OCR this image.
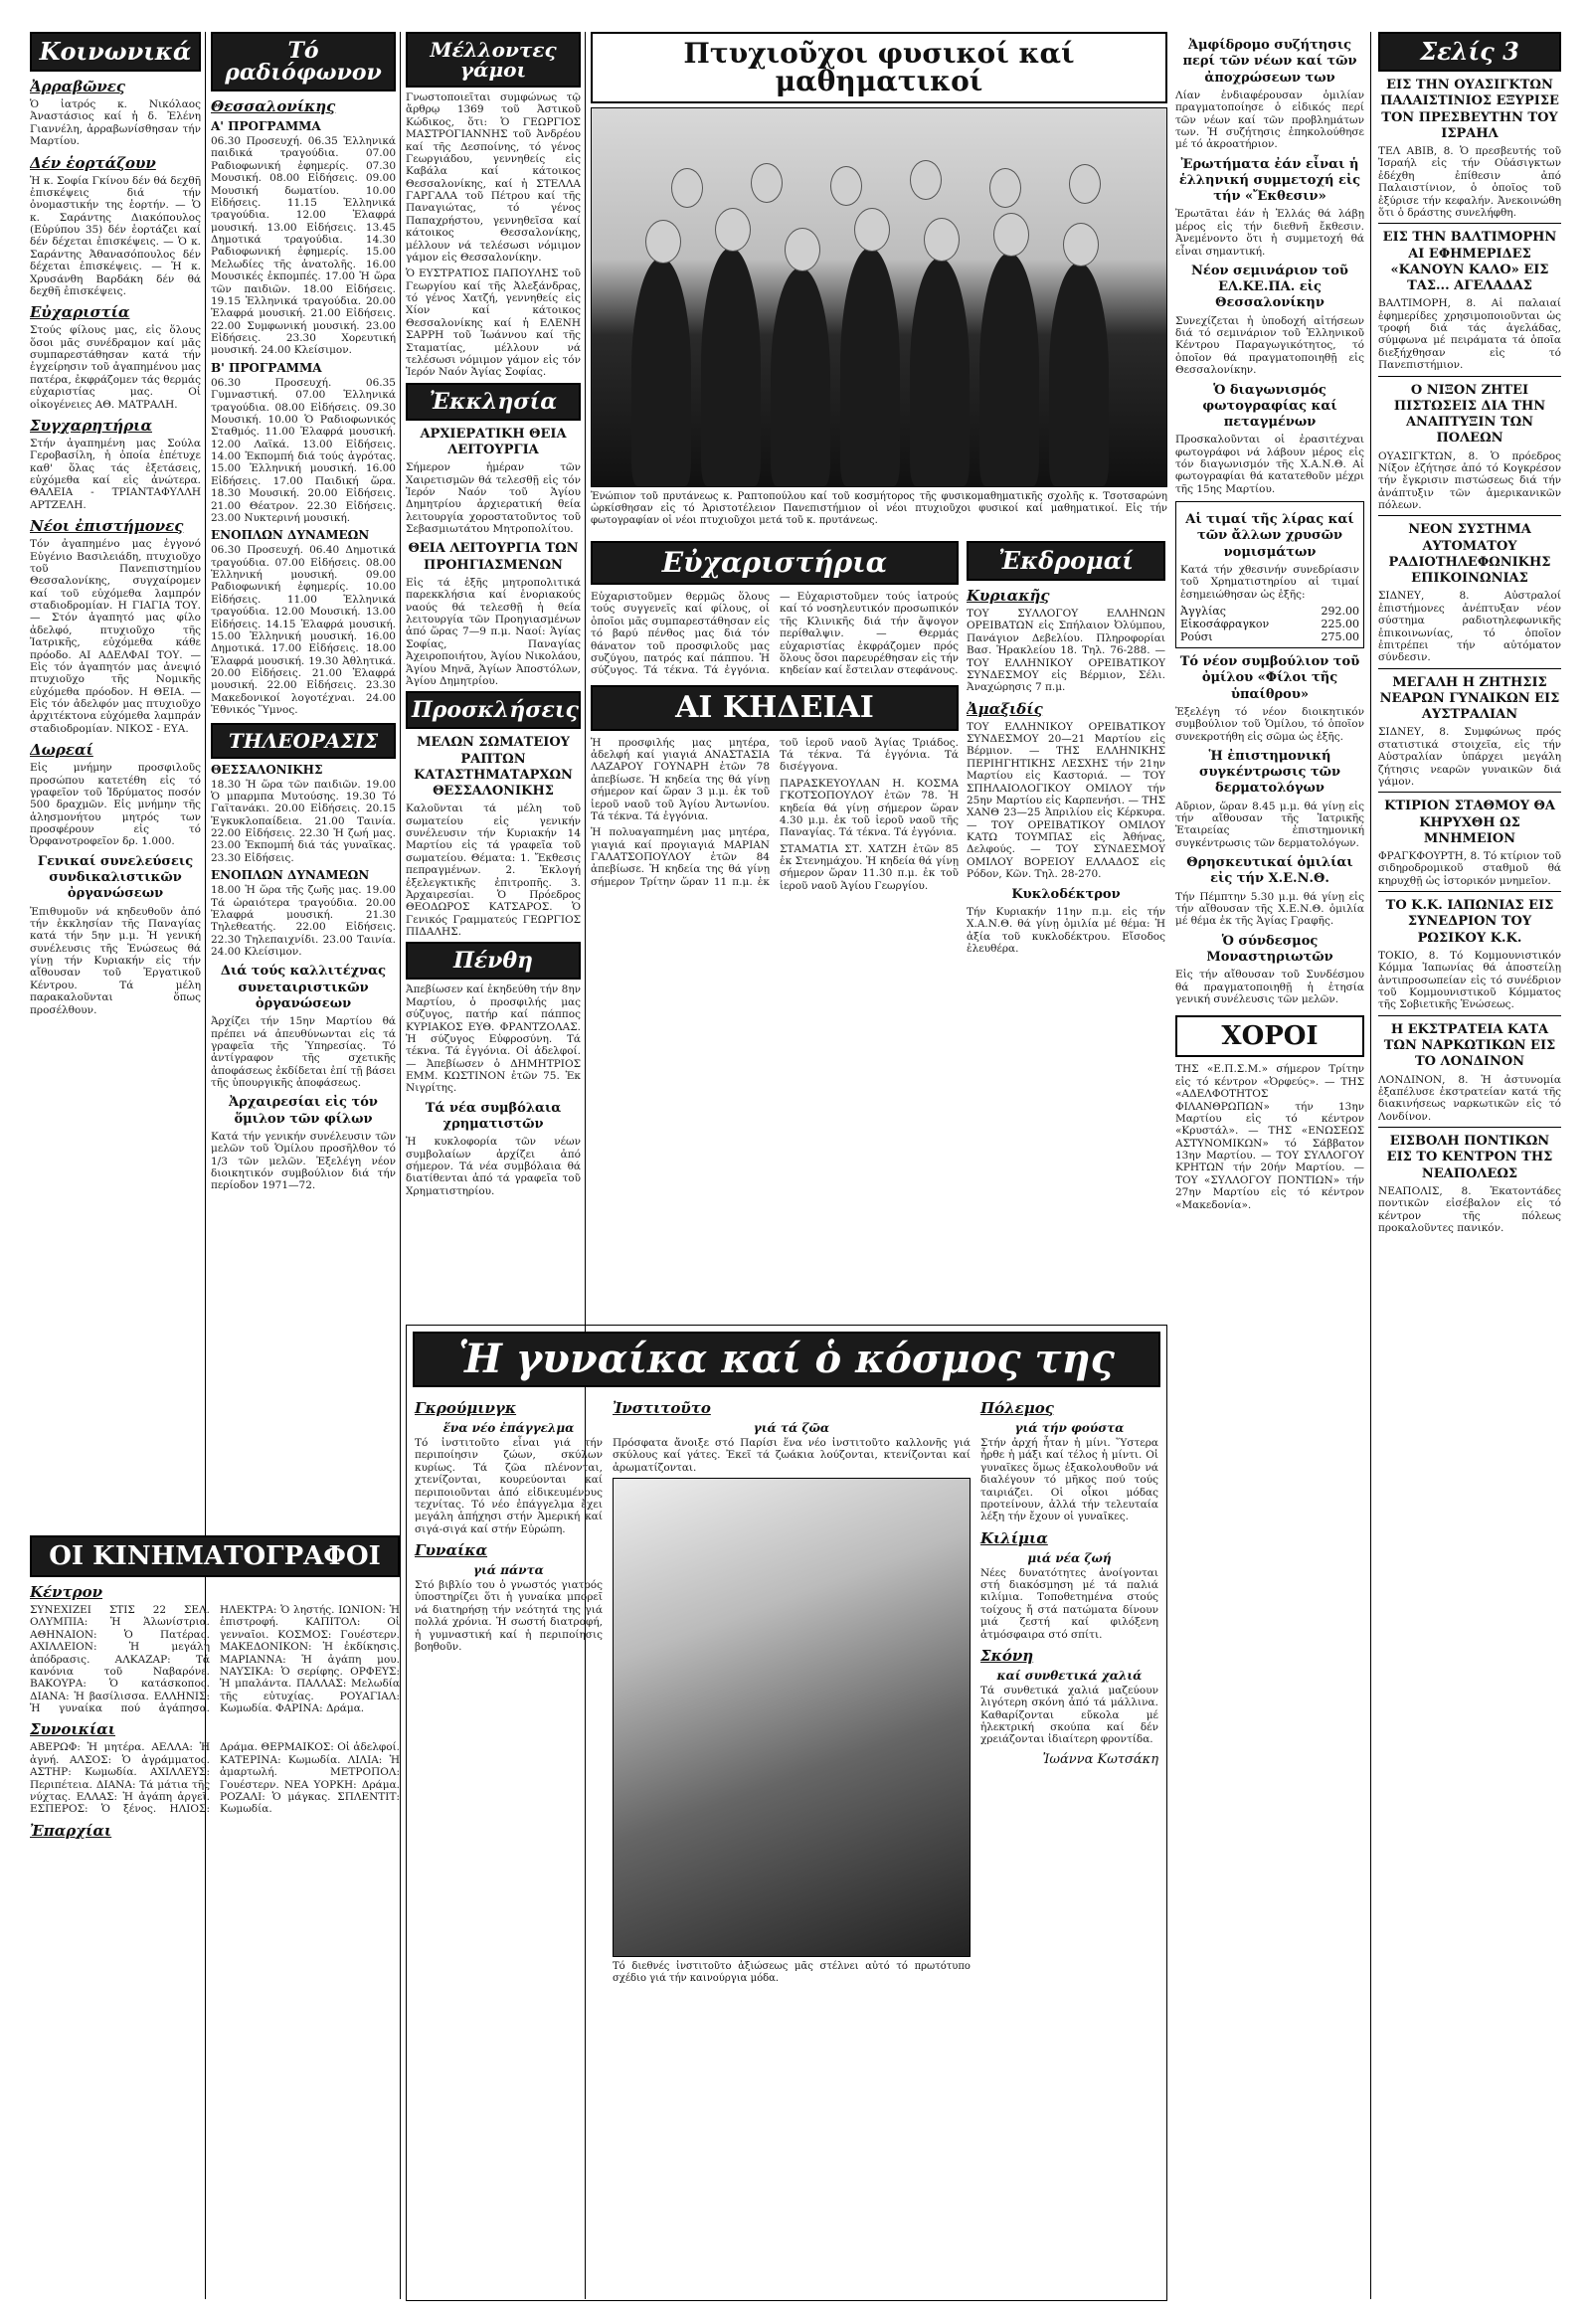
Κοινωνικά
Ἀρραβῶνες

Ὁ ἰατρός κ. Νικόλαος Ἀναστάσιος καί ἡ δ. Ἐλένη Γιαννέλη, ἀρραβωνίσθησαν τήν Μαρτίου.

Δέν ἑορτάζουν

Ἡ κ. Σοφία Γκίνου δέν θά δεχθῆ ἐπισκέψεις διά τήν ὀνομαστικήν της ἑορτήν. — Ὁ κ. Σαράντης Διακόπουλος (Εὐρύπου 35) δέν ἑορτάζει καί δέν δέχεται ἐπισκέψεις. — Ὁ κ. Σαράντης Ἀθανασόπουλος δέν δέχεται ἐπισκέψεις. — Ἡ κ. Χρυσάνθη Βαρδάκη δέν θά δεχθῆ ἐπισκέψεις.

Εὐχαριστία

Στούς φίλους μας, εἰς ὅλους ὅσοι μᾶς συνέδραμον καί μᾶς συμπαρεστάθησαν κατά τήν ἐγχείρησιν τοῦ ἀγαπημένου μας πατέρα, ἐκφράζομεν τάς θερμάς εὐχαριστίας μας. Οἱ οἰκογένειες ΑΘ. ΜΑΤΡΑΛΗ.

Συγχαρητήρια

Στήν ἀγαπημένη μας Σούλα Γεροβασίλη, ἡ ὁποία ἐπέτυχε καθ' ὅλας τάς ἐξετάσεις, εὐχόμεθα καί εἰς ἀνώτερα. ΘΑΛΕΙΑ - ΤΡΙΑΝΤΑΦΥΛΛΗ ΑΡΤΖΕΛΗ.

Νέοι ἐπιστήμονες

Τόν ἀγαπημένο μας ἐγγονό Εὐγένιο Βασιλειάδη, πτυχιοῦχο τοῦ Πανεπιστημίου Θεσσαλονίκης, συγχαίρομεν καί τοῦ εὐχόμεθα λαμπρόν σταδιοδρομίαν. Η ΓΙΑΓΙΑ ΤΟΥ. — Στόν ἀγαπητό μας φίλο ἀδελφό, πτυχιοῦχο τῆς Ἰατρικῆς, εὐχόμεθα κάθε πρόοδο. ΑΙ ΑΔΕΛΦΑΙ ΤΟΥ. — Εἰς τόν ἀγαπητόν μας ἀνεψιό πτυχιοῦχο τῆς Νομικῆς εὐχόμεθα πρόοδον. Η ΘΕΙΑ. — Εἰς τόν ἀδελφόν μας πτυχιοῦχο ἀρχιτέκτονα εὐχόμεθα λαμπράν σταδιοδρομίαν. ΝΙΚΟΣ - ΕΥΑ.

Δωρεαί

Εἰς μνήμην προσφιλοῦς προσώπου κατετέθη εἰς τό γραφεῖον τοῦ Ἱδρύματος ποσόν 500 δραχμῶν. Εἰς μνήμην τῆς ἀλησμονήτου μητρός των προσφέρουν εἰς τό Ὀρφανοτροφεῖον δρ. 1.000.

Γενικαί συνελεύσεις συνδικαλιστικῶν ὀργανώσεων

Ἐπιθυμοῦν νά κηδευθοῦν ἀπό τήν ἐκκλησίαν τῆς Παναγίας κατά τήν 5ην μ.μ. Ἡ γενική συνέλευσις τῆς Ἑνώσεως θά γίνῃ τήν Κυριακήν εἰς τήν αἴθουσαν τοῦ Ἐργατικοῦ Κέντρου. Τά μέλη παρακαλοῦνται ὅπως προσέλθουν.

Τό ραδιόφωνον
Θεσσαλονίκης
Α' ΠΡΟΓΡΑΜΜΑ

06.30 Προσευχή. 06.35 Ἑλληνικά παιδικά τραγούδια. 07.00 Ραδιοφωνική ἐφημερίς. 07.30 Μουσική. 08.00 Εἰδήσεις. 09.00 Μουσική δωματίου. 10.00 Εἰδήσεις. 11.15 Ἑλληνικά τραγούδια. 12.00 Ἐλαφρά μουσική. 13.00 Εἰδήσεις. 13.45 Δημοτικά τραγούδια. 14.30 Ραδιοφωνική ἐφημερίς. 15.00 Μελωδίες τῆς ἀνατολῆς. 16.00 Μουσικές ἐκπομπές. 17.00 Ἡ ὥρα τῶν παιδιῶν. 18.00 Εἰδήσεις. 19.15 Ἑλληνικά τραγούδια. 20.00 Ἐλαφρά μουσική. 21.00 Εἰδήσεις. 22.00 Συμφωνική μουσική. 23.00 Εἰδήσεις. 23.30 Χορευτική μουσική. 24.00 Κλείσιμον.

Β' ΠΡΟΓΡΑΜΜΑ

06.30 Προσευχή. 06.35 Γυμναστική. 07.00 Ἑλληνικά τραγούδια. 08.00 Εἰδήσεις. 09.30 Μουσική. 10.00 Ὁ Ραδιοφωνικός Σταθμός. 11.00 Ἐλαφρά μουσική. 12.00 Λαϊκά. 13.00 Εἰδήσεις. 14.00 Ἐκπομπή διά τούς ἀγρότας. 15.00 Ἑλληνική μουσική. 16.00 Εἰδήσεις. 17.00 Παιδική ὥρα. 18.30 Μουσική. 20.00 Εἰδήσεις. 21.00 Θέατρον. 22.30 Εἰδήσεις. 23.00 Νυκτερινή μουσική.

ΕΝΟΠΛΩΝ ΔΥΝΑΜΕΩΝ

06.30 Προσευχή. 06.40 Δημοτικά τραγούδια. 07.00 Εἰδήσεις. 08.00 Ἑλληνική μουσική. 09.00 Ραδιοφωνική ἐφημερίς. 10.00 Εἰδήσεις. 11.00 Ἑλληνικά τραγούδια. 12.00 Μουσική. 13.00 Εἰδήσεις. 14.15 Ἐλαφρά μουσική. 15.00 Ἑλληνική μουσική. 16.00 Δημοτικά. 17.00 Εἰδήσεις. 18.00 Ἐλαφρά μουσική. 19.30 Ἀθλητικά. 20.00 Εἰδήσεις. 21.00 Ἐλαφρά μουσική. 22.00 Εἰδήσεις. 23.30 Μακεδονικοί λογοτέχναι. 24.00 Ἐθνικός Ὕμνος.

ΤΗΛΕΟΡΑΣΙΣ
ΘΕΣΣΑΛΟΝΙΚΗΣ

18.30 Ἡ ὥρα τῶν παιδιῶν. 19.00 Ὁ μπαρμπα Μυτούσης. 19.30 Τό Γαϊτανάκι. 20.00 Εἰδήσεις. 20.15 Ἐγκυκλοπαίδεια. 21.00 Ταινία. 22.00 Εἰδήσεις. 22.30 Ἡ ζωή μας. 23.00 Ἐκπομπή διά τάς γυναῖκας. 23.30 Εἰδήσεις.

ΕΝΟΠΛΩΝ ΔΥΝΑΜΕΩΝ

18.00 Ἡ ὥρα τῆς ζωῆς μας. 19.00 Τά ὡραιότερα τραγούδια. 20.00 Ἐλαφρά μουσική. 21.30 Τηλεθεατής. 22.00 Εἰδήσεις. 22.30 Τηλεπαιχνίδι. 23.00 Ταινία. 24.00 Κλείσιμον.

Διά τούς καλλιτέχνας συνεταιριστικῶν ὀργανώσεων

Ἀρχίζει τήν 15ην Μαρτίου θά πρέπει νά ἀπευθύνωνται εἰς τά γραφεῖα τῆς Ὑπηρεσίας. Τό ἀντίγραφον τῆς σχετικῆς ἀποφάσεως ἐκδίδεται ἐπί τῇ βάσει τῆς ὑπουργικῆς ἀποφάσεως.

Ἀρχαιρεσίαι εἰς τόν ὅμιλον τῶν φίλων

Κατά τήν γενικήν συνέλευσιν τῶν μελῶν τοῦ Ὁμίλου προσῆλθον τό 1/3 τῶν μελῶν. Ἐξελέγη νέον διοικητικόν συμβούλιον διά τήν περίοδον 1971—72.

Μέλλοντες γάμοι

Γνωστοποιεῖται συμφώνως τῷ ἄρθρῳ 1369 τοῦ Ἀστικοῦ Κώδικος, ὅτι: Ὁ ΓΕΩΡΓΙΟΣ ΜΑΣΤΡΟΓΙΑΝΝΗΣ τοῦ Ἀνδρέου καί τῆς Δεσποίνης, τό γένος Γεωργιάδου, γεννηθείς εἰς Καβάλα καί κάτοικος Θεσσαλονίκης, καί ἡ ΣΤΕΛΛΑ ΓΑΡΓΑΛΑ τοῦ Πέτρου καί τῆς Παναγιώτας, τό γένος Παπαχρήστου, γεννηθεῖσα καί κάτοικος Θεσσαλονίκης, μέλλουν νά τελέσωσι νόμιμον γάμον εἰς Θεσσαλονίκην.

Ὁ ΕΥΣΤΡΑΤΙΟΣ ΠΑΠΟΥΛΗΣ τοῦ Γεωργίου καί τῆς Ἀλεξάνδρας, τό γένος Χατζή, γεννηθείς εἰς Χίον καί κάτοικος Θεσσαλονίκης καί ἡ ΕΛΕΝΗ ΣΑΡΡΗ τοῦ Ἰωάννου καί τῆς Σταματίας, μέλλουν νά τελέσωσι νόμιμον γάμον εἰς τόν Ἱερόν Ναόν Ἁγίας Σοφίας.

Ἐκκλησία
ΑΡΧΙΕΡΑΤΙΚΗ ΘΕΙΑ ΛΕΙΤΟΥΡΓΙΑ

Σήμερον ἡμέραν τῶν Χαιρετισμῶν θά τελεσθῇ εἰς τόν Ἱερόν Ναόν τοῦ Ἁγίου Δημητρίου ἀρχιερατική θεία λειτουργία χοροστατοῦντος τοῦ Σεβασμιωτάτου Μητροπολίτου.

ΘΕΙΑ ΛΕΙΤΟΥΡΓΙΑ ΤΩΝ ΠΡΟΗΓΙΑΣΜΕΝΩΝ

Εἰς τά ἑξῆς μητροπολιτικά παρεκκλήσια καί ἐνοριακούς ναούς θά τελεσθῇ ἡ θεία λειτουργία τῶν Προηγιασμένων ἀπό ὥρας 7—9 π.μ. Ναοί: Ἁγίας Σοφίας, Παναγίας Ἀχειροποιήτου, Ἁγίου Νικολάου, Ἁγίου Μηνᾶ, Ἁγίων Ἀποστόλων, Ἁγίου Δημητρίου.

Προσκλήσεις
ΜΕΛΩΝ ΣΩΜΑΤΕΙΟΥ ΡΑΠΤΩΝ ΚΑΤΑΣΤΗΜΑΤΑΡΧΩΝ ΘΕΣΣΑΛΟΝΙΚΗΣ

Καλοῦνται τά μέλη τοῦ σωματείου εἰς γενικήν συνέλευσιν τήν Κυριακήν 14 Μαρτίου εἰς τά γραφεῖα τοῦ σωματείου. Θέματα: 1. Ἔκθεσις πεπραγμένων. 2. Ἐκλογή ἐξελεγκτικῆς ἐπιτροπῆς. 3. Ἀρχαιρεσίαι. Ὁ Πρόεδρος ΘΕΟΔΩΡΟΣ ΚΑΤΣΑΡΟΣ. Ὁ Γενικός Γραμματεύς ΓΕΩΡΓΙΟΣ ΠΙΔΑΛΗΣ.

Πένθη

Ἀπεβίωσεν καί ἐκηδεύθη τήν 8ην Μαρτίου, ὁ προσφιλής μας σύζυγος, πατήρ καί πάππος ΚΥΡΙΑΚΟΣ ΕΥΘ. ΦΡΑΝΤΖΟΛΑΣ. Ἡ σύζυγος Εὐφροσύνη. Τά τέκνα. Τά ἐγγόνια. Οἱ ἀδελφοί. — Ἀπεβίωσεν ὁ ΔΗΜΗΤΡΙΟΣ ΕΜΜ. ΚΩΣΤΙΝΟΝ ἐτῶν 75. Ἐκ Νιγρίτης.

Τά νέα συμβόλαια χρηματιστῶν

Ἡ κυκλοφορία τῶν νέων συμβολαίων ἀρχίζει ἀπό σήμερον. Τά νέα συμβόλαια θά διατίθενται ἀπό τά γραφεῖα τοῦ Χρηματιστηρίου.

Πτυχιοῦχοι φυσικοί καί μαθηματικοί

Ἐνώπιον τοῦ πρυτάνεως κ. Ραπτοπούλου καί τοῦ κοσμήτορος τῆς φυσικομαθηματικῆς σχολῆς κ. Τσοτσαρώνη ὡρκίσθησαν εἰς τό Ἀριστοτέλειον Πανεπιστήμιον οἱ νέοι πτυχιοῦχοι φυσικοί καί μαθηματικοί. Εἰς τήν φωτογραφίαν οἱ νέοι πτυχιοῦχοι μετά τοῦ κ. πρυτάνεως.

Εὐχαριστήρια

Εὐχαριστοῦμεν θερμῶς ὅλους τούς συγγενεῖς καί φίλους, οἱ ὁποῖοι μᾶς συμπαρεστάθησαν εἰς τό βαρύ πένθος μας διά τόν θάνατον τοῦ προσφιλοῦς μας συζύγου, πατρός καί πάππου. Ἡ σύζυγος. Τά τέκνα. Τά ἐγγόνια. — Εὐχαριστοῦμεν τούς ἰατρούς καί τό νοσηλευτικόν προσωπικόν τῆς Κλινικῆς διά τήν ἄψογον περίθαλψιν. — Θερμάς εὐχαριστίας ἐκφράζομεν πρός ὅλους ὅσοι παρευρέθησαν εἰς τήν κηδείαν καί ἔστειλαν στεφάνους.

ΑΙ ΚΗΔΕΙΑΙ

Ἡ προσφιλής μας μητέρα, ἀδελφή καί γιαγιά ΑΝΑΣΤΑΣΙΑ ΛΑΖΑΡΟΥ ΓΟΥΝΑΡΗ ἐτῶν 78 ἀπεβίωσε. Ἡ κηδεία της θά γίνῃ σήμερον καί ὥραν 3 μ.μ. ἐκ τοῦ ἱεροῦ ναοῦ τοῦ Ἁγίου Ἀντωνίου. Τά τέκνα. Τά ἐγγόνια.

Ἡ πολυαγαπημένη μας μητέρα, γιαγιά καί προγιαγιά ΜΑΡΙΑΝ ΓΑΛΑΤΣΟΠΟΥΛΟΥ ἐτῶν 84 ἀπεβίωσε. Ἡ κηδεία της θά γίνῃ σήμερον Τρίτην ὥραν 11 π.μ. ἐκ τοῦ ἱεροῦ ναοῦ Ἁγίας Τριάδος. Τά τέκνα. Τά ἐγγόνια. Τά δισέγγονα.

ΠΑΡΑΣΚΕΥΟΥΛΑΝ Η. ΚΟΣΜΑ ΓΚΟΤΣΟΠΟΥΛΟΥ ἐτῶν 78. Ἡ κηδεία θά γίνῃ σήμερον ὥραν 4.30 μ.μ. ἐκ τοῦ ἱεροῦ ναοῦ τῆς Παναγίας. Τά τέκνα. Τά ἐγγόνια.

ΣΤΑΜΑΤΙΑ ΣΤ. ΧΑΤΖΗ ἐτῶν 85 ἐκ Στενημάχου. Ἡ κηδεία θά γίνῃ σήμερον ὥραν 11.30 π.μ. ἐκ τοῦ ἱεροῦ ναοῦ Ἁγίου Γεωργίου.

Ἐκδρομαί
Κυριακῆς

ΤΟΥ ΣΥΛΛΟΓΟΥ ΕΛΛΗΝΩΝ ΟΡΕΙΒΑΤΩΝ εἰς Σπήλαιον Ὀλύμπου, Πανάγιον Δεβελίου. Πληροφορίαι Βασ. Ἡρακλείου 18. Τηλ. 76-288. — ΤΟΥ ΕΛΛΗΝΙΚΟΥ ΟΡΕΙΒΑΤΙΚΟΥ ΣΥΝΔΕΣΜΟΥ εἰς Βέρμιον, Σέλι. Ἀναχώρησις 7 π.μ.

Ἀμαξιδίς

ΤΟΥ ΕΛΛΗΝΙΚΟΥ ΟΡΕΙΒΑΤΙΚΟΥ ΣΥΝΔΕΣΜΟΥ 20—21 Μαρτίου εἰς Βέρμιον. — ΤΗΣ ΕΛΛΗΝΙΚΗΣ ΠΕΡΙΗΓΗΤΙΚΗΣ ΛΕΣΧΗΣ τήν 21ην Μαρτίου εἰς Καστοριά. — ΤΟΥ ΣΠΗΛΑΙΟΛΟΓΙΚΟΥ ΟΜΙΛΟΥ τήν 25ην Μαρτίου εἰς Καρπενήσι. — ΤΗΣ ΧΑΝΘ 23—25 Ἀπριλίου εἰς Κέρκυρα. — ΤΟΥ ΟΡΕΙΒΑΤΙΚΟΥ ΟΜΙΛΟΥ ΚΑΤΩ ΤΟΥΜΠΑΣ εἰς Ἀθήνας, Δελφούς. — ΤΟΥ ΣΥΝΔΕΣΜΟΥ ΟΜΙΛΟΥ ΒΟΡΕΙΟΥ ΕΛΛΑΔΟΣ εἰς Ρόδον, Κῶν. Τηλ. 28-270.

Κυκλοδέκτρον

Τήν Κυριακήν 11ην π.μ. εἰς τήν Χ.Α.Ν.Θ. θά γίνῃ ὁμιλία μέ θέμα: Ἡ ἀξία τοῦ κυκλοδέκτρου. Εἴσοδος ἐλευθέρα.

Ἀμφίδρομο συζήτησις περί τῶν νέων καί τῶν ἀποχρώσεων των

Λίαν ἐνδιαφέρουσαν ὁμιλίαν πραγματοποίησε ὁ εἰδικός περί τῶν νέων καί τῶν προβλημάτων των. Ἡ συζήτησις ἐπηκολούθησε μέ τό ἀκροατήριον.

Ἐρωτήματα ἐάν εἶναι ἡ ἑλληνική συμμετοχή εἰς τήν «Ἔκθεσιν»

Ἐρωτᾶται ἐάν ἡ Ἑλλάς θά λάβῃ μέρος εἰς τήν διεθνῆ ἔκθεσιν. Ἀνεμένοντο ὅτι ἡ συμμετοχή θά εἶναι σημαντική.

Νέον σεμινάριον τοῦ ΕΛ.ΚΕ.ΠΑ. εἰς Θεσσαλονίκην

Συνεχίζεται ἡ ὑποδοχή αἰτήσεων διά τό σεμινάριον τοῦ Ἑλληνικοῦ Κέντρου Παραγωγικότητος, τό ὁποῖον θά πραγματοποιηθῇ εἰς Θεσσαλονίκην.

Ὁ διαγωνισμός φωτογραφίας καί πεταγμένων

Προσκαλοῦνται οἱ ἐρασιτέχναι φωτογράφοι νά λάβουν μέρος εἰς τόν διαγωνισμόν τῆς Χ.Α.Ν.Θ. Αἱ φωτογραφίαι θά κατατεθοῦν μέχρι τῆς 15ης Μαρτίου.

Αἱ τιμαί τῆς λίρας καί τῶν ἄλλων χρυσῶν νομισμάτων

Κατά τήν χθεσινήν συνεδρίασιν τοῦ Χρηματιστηρίου αἱ τιμαί ἐσημειώθησαν ὡς ἑξῆς:

Ἀγγλίας	292.00
Εἰκοσάφραγκον	225.00
Ρούσι	275.00
Τό νέον συμβούλιον τοῦ ὀμίλου «Φίλοι τῆς ὑπαίθρου»

Ἐξελέγη τό νέον διοικητικόν συμβούλιον τοῦ Ὁμίλου, τό ὁποῖον συνεκροτήθη εἰς σῶμα ὡς ἑξῆς.

Ἡ ἐπιστημονική συγκέντρωσις τῶν δερματολόγων

Αὔριον, ὥραν 8.45 μ.μ. θά γίνῃ εἰς τήν αἴθουσαν τῆς Ἰατρικῆς Ἑταιρείας ἐπιστημονική συγκέντρωσις τῶν δερματολόγων.

Θρησκευτικαί ὁμιλίαι εἰς τήν Χ.Ε.Ν.Θ.

Τήν Πέμπτην 5.30 μ.μ. θά γίνῃ εἰς τήν αἴθουσαν τῆς Χ.Ε.Ν.Θ. ὁμιλία μέ θέμα ἐκ τῆς Ἁγίας Γραφῆς.

Ὁ σύνδεσμος Μοναστηριωτῶν

Εἰς τήν αἴθουσαν τοῦ Συνδέσμου θά πραγματοποιηθῇ ἡ ἐτησία γενική συνέλευσις τῶν μελῶν.

ΧΟΡΟΙ

ΤΗΣ «Ε.Π.Σ.Μ.» σήμερον Τρίτην εἰς τό κέντρον «Ὀρφεύς». — ΤΗΣ «ΑΔΕΛΦΟΤΗΤΟΣ ΦΙΛΑΝΘΡΩΠΩΝ» τήν 13ην Μαρτίου εἰς τό κέντρον «Κρυστάλ». — ΤΗΣ «ΕΝΩΣΕΩΣ ΑΣΤΥΝΟΜΙΚΩΝ» τό Σάββατον 13ην Μαρτίου. — ΤΟΥ ΣΥΛΛΟΓΟΥ ΚΡΗΤΩΝ τήν 20ήν Μαρτίου. — ΤΟΥ «ΣΥΛΛΟΓΟΥ ΠΟΝΤΙΩΝ» τήν 27ην Μαρτίου εἰς τό κέντρον «Μακεδονία».

Σελίς 3
ΕΙΣ ΤΗΝ ΟΥΑΣΙΓΚΤΩΝ ΠΑΛΑΙΣΤΙΝΙΟΣ ΕΞΥΡΙΣΕ ΤΟΝ ΠΡΕΣΒΕΥΤΗΝ ΤΟΥ ΙΣΡΑΗΛ

ΤΕΛ ΑΒΙΒ, 8. Ὁ πρεσβευτής τοῦ Ἰσραήλ εἰς τήν Οὐάσιγκτων ἐδέχθη ἐπίθεσιν ἀπό Παλαιστίνιον, ὁ ὁποῖος τοῦ ἐξύρισε τήν κεφαλήν. Ἀνεκοινώθη ὅτι ὁ δράστης συνελήφθη.

ΕΙΣ ΤΗΝ ΒΑΛΤΙΜΟΡΗΝ ΑΙ ΕΦΗΜΕΡΙΔΕΣ «ΚΑΝΟΥΝ ΚΑΛΟ» ΕΙΣ ΤΑΣ... ΑΓΕΛΑΔΑΣ

ΒΑΛΤΙΜΟΡΗ, 8. Αἱ παλαιαί ἐφημερίδες χρησιμοποιοῦνται ὡς τροφή διά τάς ἀγελάδας, σύμφωνα μέ πειράματα τά ὁποῖα διεξήχθησαν εἰς τό Πανεπιστήμιον.

Ο ΝΙΞΟΝ ΖΗΤΕΙ ΠΙΣΤΩΣΕΙΣ ΔΙΑ ΤΗΝ ΑΝΑΠΤΥΞΙΝ ΤΩΝ ΠΟΛΕΩΝ

ΟΥΑΣΙΓΚΤΩΝ, 8. Ὁ πρόεδρος Νίξον ἐζήτησε ἀπό τό Κογκρέσον τήν ἔγκρισιν πιστώσεως διά τήν ἀνάπτυξιν τῶν ἀμερικανικῶν πόλεων.

ΝΕΟΝ ΣΥΣΤΗΜΑ ΑΥΤΟΜΑΤΟΥ ΡΑΔΙΟΤΗΛΕΦΩΝΙΚΗΣ ΕΠΙΚΟΙΝΩΝΙΑΣ

ΣΙΔΝΕΥ, 8. Αὐστραλοί ἐπιστήμονες ἀνέπτυξαν νέον σύστημα ραδιοτηλεφωνικῆς ἐπικοινωνίας, τό ὁποῖον ἐπιτρέπει τήν αὐτόματον σύνδεσιν.

ΜΕΓΑΛΗ Η ΖΗΤΗΣΙΣ ΝΕΑΡΩΝ ΓΥΝΑΙΚΩΝ ΕΙΣ ΑΥΣΤΡΑΛΙΑΝ

ΣΙΔΝΕΥ, 8. Συμφώνως πρός στατιστικά στοιχεῖα, εἰς τήν Αὐστραλίαν ὑπάρχει μεγάλη ζήτησις νεαρῶν γυναικῶν διά γάμον.

ΚΤΙΡΙΟΝ ΣΤΑΘΜΟΥ ΘΑ ΚΗΡΥΧΘΗ ΩΣ ΜΝΗΜΕΙΟΝ

ΦΡΑΓΚΦΟΥΡΤΗ, 8. Τό κτίριον τοῦ σιδηροδρομικοῦ σταθμοῦ θά κηρυχθῇ ὡς ἱστορικόν μνημεῖον.

ΤΟ Κ.Κ. ΙΑΠΩΝΙΑΣ ΕΙΣ ΣΥΝΕΔΡΙΟΝ ΤΟΥ ΡΩΣΙΚΟΥ Κ.Κ.

ΤΟΚΙΟ, 8. Τό Κομμουνιστικόν Κόμμα Ἰαπωνίας θά ἀποστείλῃ ἀντιπροσωπείαν εἰς τό συνέδριον τοῦ Κομμουνιστικοῦ Κόμματος τῆς Σοβιετικῆς Ἑνώσεως.

Η ΕΚΣΤΡΑΤΕΙΑ ΚΑΤΑ ΤΩΝ ΝΑΡΚΩΤΙΚΩΝ ΕΙΣ ΤΟ ΛΟΝΔΙΝΟΝ

ΛΟΝΔΙΝΟΝ, 8. Ἡ ἀστυνομία ἐξαπέλυσε ἐκστρατείαν κατά τῆς διακινήσεως ναρκωτικῶν εἰς τό Λονδίνον.

ΕΙΣΒΟΛΗ ΠΟΝΤΙΚΩΝ ΕΙΣ ΤΟ ΚΕΝΤΡΟΝ ΤΗΣ ΝΕΑΠΟΛΕΩΣ

ΝΕΑΠΟΛΙΣ, 8. Ἑκατοντάδες ποντικῶν εἰσέβαλον εἰς τό κέντρον τῆς πόλεως προκαλοῦντες πανικόν.

Ἡ γυναίκα καί ὁ κόσμος της
Γκρούμινγκ
ἕνα νέο ἐπάγγελμα

Τό ἰνστιτοῦτο εἶναι γιά τήν περιποίησιν ζώων, σκύλων κυρίως. Τά ζῶα πλένονται, χτενίζονται, κουρεύονται καί περιποιοῦνται ἀπό εἰδικευμένους τεχνίτας. Τό νέο ἐπάγγελμα ἔχει μεγάλη ἀπήχησι στήν Ἀμερική καί σιγά-σιγά καί στήν Εὐρώπη.

Γυναίκα
γιά πάντα

Στό βιβλίο του ὁ γνωστός γιατρός ὑποστηρίζει ὅτι ἡ γυναίκα μπορεῖ νά διατηρήσῃ τήν νεότητά της γιά πολλά χρόνια. Ἡ σωστή διατροφή, ἡ γυμναστική καί ἡ περιποίησις βοηθοῦν.

Ἰνστιτοῦτο
γιά τά ζῶα

Πρόσφατα ἄνοιξε στό Παρίσι ἕνα νέο ἰνστιτοῦτο καλλονῆς γιά σκύλους καί γάτες. Ἐκεῖ τά ζωάκια λούζονται, κτενίζονται καί ἀρωματίζονται.

Τό διεθνές ἰνστιτοῦτο ἀξιώσεως μᾶς στέλνει αὐτό τό πρωτότυπο σχέδιο γιά τήν καινούργια μόδα.

Πόλεμος
γιά τήν φούστα

Στήν ἀρχή ἦταν ἡ μίνι. Ὕστερα ἦρθε ἡ μάξι καί τέλος ἡ μίντι. Οἱ γυναῖκες ὅμως ἐξακολουθοῦν νά διαλέγουν τό μῆκος πού τούς ταιριάζει. Οἱ οἶκοι μόδας προτείνουν, ἀλλά τήν τελευταία λέξη τήν ἔχουν οἱ γυναῖκες.

Κιλίμια
μιά νέα ζωή

Νέες δυνατότητες ἀνοίγονται στή διακόσμηση μέ τά παλιά κιλίμια. Τοποθετημένα στούς τοίχους ἤ στά πατώματα δίνουν μιά ζεστή καί φιλόξενη ἀτμόσφαιρα στό σπίτι.

Σκόνη
καί συνθετικά χαλιά

Τά συνθετικά χαλιά μαζεύουν λιγότερη σκόνη ἀπό τά μάλλινα. Καθαρίζονται εὔκολα μέ ἡλεκτρική σκούπα καί δέν χρειάζονται ἰδιαίτερη φροντίδα.

Ἰωάννα Κωτσάκη
ΟΙ ΚΙΝΗΜΑΤΟΓΡΑΦΟΙ
Κέντρον

ΣΥΝΕΧΙΖΕΙ ΣΤΙΣ 22 ΣΕΛ. ΟΛΥΜΠΙΑ: Ἡ Ἁλωνίστρια. ΑΘΗΝΑΙΟΝ: Ὁ Πατέρας. ΑΧΙΛΛΕΙΟΝ: Ἡ μεγάλη ἀπόδρασις. ΑΛΚΑΖΑΡ: Τά κανόνια τοῦ Ναβαρόνε. ΒΑΚΟΥΡΑ: Ὁ κατάσκοπος. ΔΙΑΝΑ: Ἡ βασίλισσα. ΕΛΛΗΝΙΣ: Ἡ γυναίκα πού ἀγάπησα. ΗΛΕΚΤΡΑ: Ὁ ληστής. ΙΩΝΙΟΝ: Ἡ ἐπιστροφή. ΚΑΠΙΤΟΛ: Οἱ γενναῖοι. ΚΟΣΜΟΣ: Γουέστερν. ΜΑΚΕΔΟΝΙΚΟΝ: Ἡ ἐκδίκησις. ΜΑΡΙΑΝΝΑ: Ἡ ἀγάπη μου. ΝΑΥΣΙΚΑ: Ὁ σερίφης. ΟΡΦΕΥΣ: Ἡ μπαλάντα. ΠΑΛΛΑΣ: Μελωδία τῆς εὐτυχίας. ΡΟΥΑΓΙΑΛ: Κωμωδία. ΦΑΡΙΝΑ: Δράμα.

Συνοικίαι

ΑΒΕΡΩΦ: Ἡ μητέρα. ΑΕΛΛΑ: Ἡ ἀγνή. ΑΛΣΟΣ: Ὁ ἀγράμματος. ΑΣΤΗΡ: Κωμωδία. ΑΧΙΛΛΕΥΣ: Περιπέτεια. ΔΙΑΝΑ: Τά μάτια τῆς νύχτας. ΕΛΛΑΣ: Ἡ ἀγάπη ἀργεῖ. ΕΣΠΕΡΟΣ: Ὁ ξένος. ΗΛΙΟΣ: Δράμα. ΘΕΡΜΑΙΚΟΣ: Οἱ ἀδελφοί. ΚΑΤΕΡΙΝΑ: Κωμωδία. ΛΙΛΙΑ: Ἡ ἀμαρτωλή. ΜΕΤΡΟΠΟΛ: Γουέστερν. ΝΕΑ ΥΟΡΚΗ: Δράμα. ΡΟΖΑΛΙ: Ὁ μάγκας. ΣΠΛΕΝΤΙΤ: Κωμωδία.

Ἐπαρχίαι
